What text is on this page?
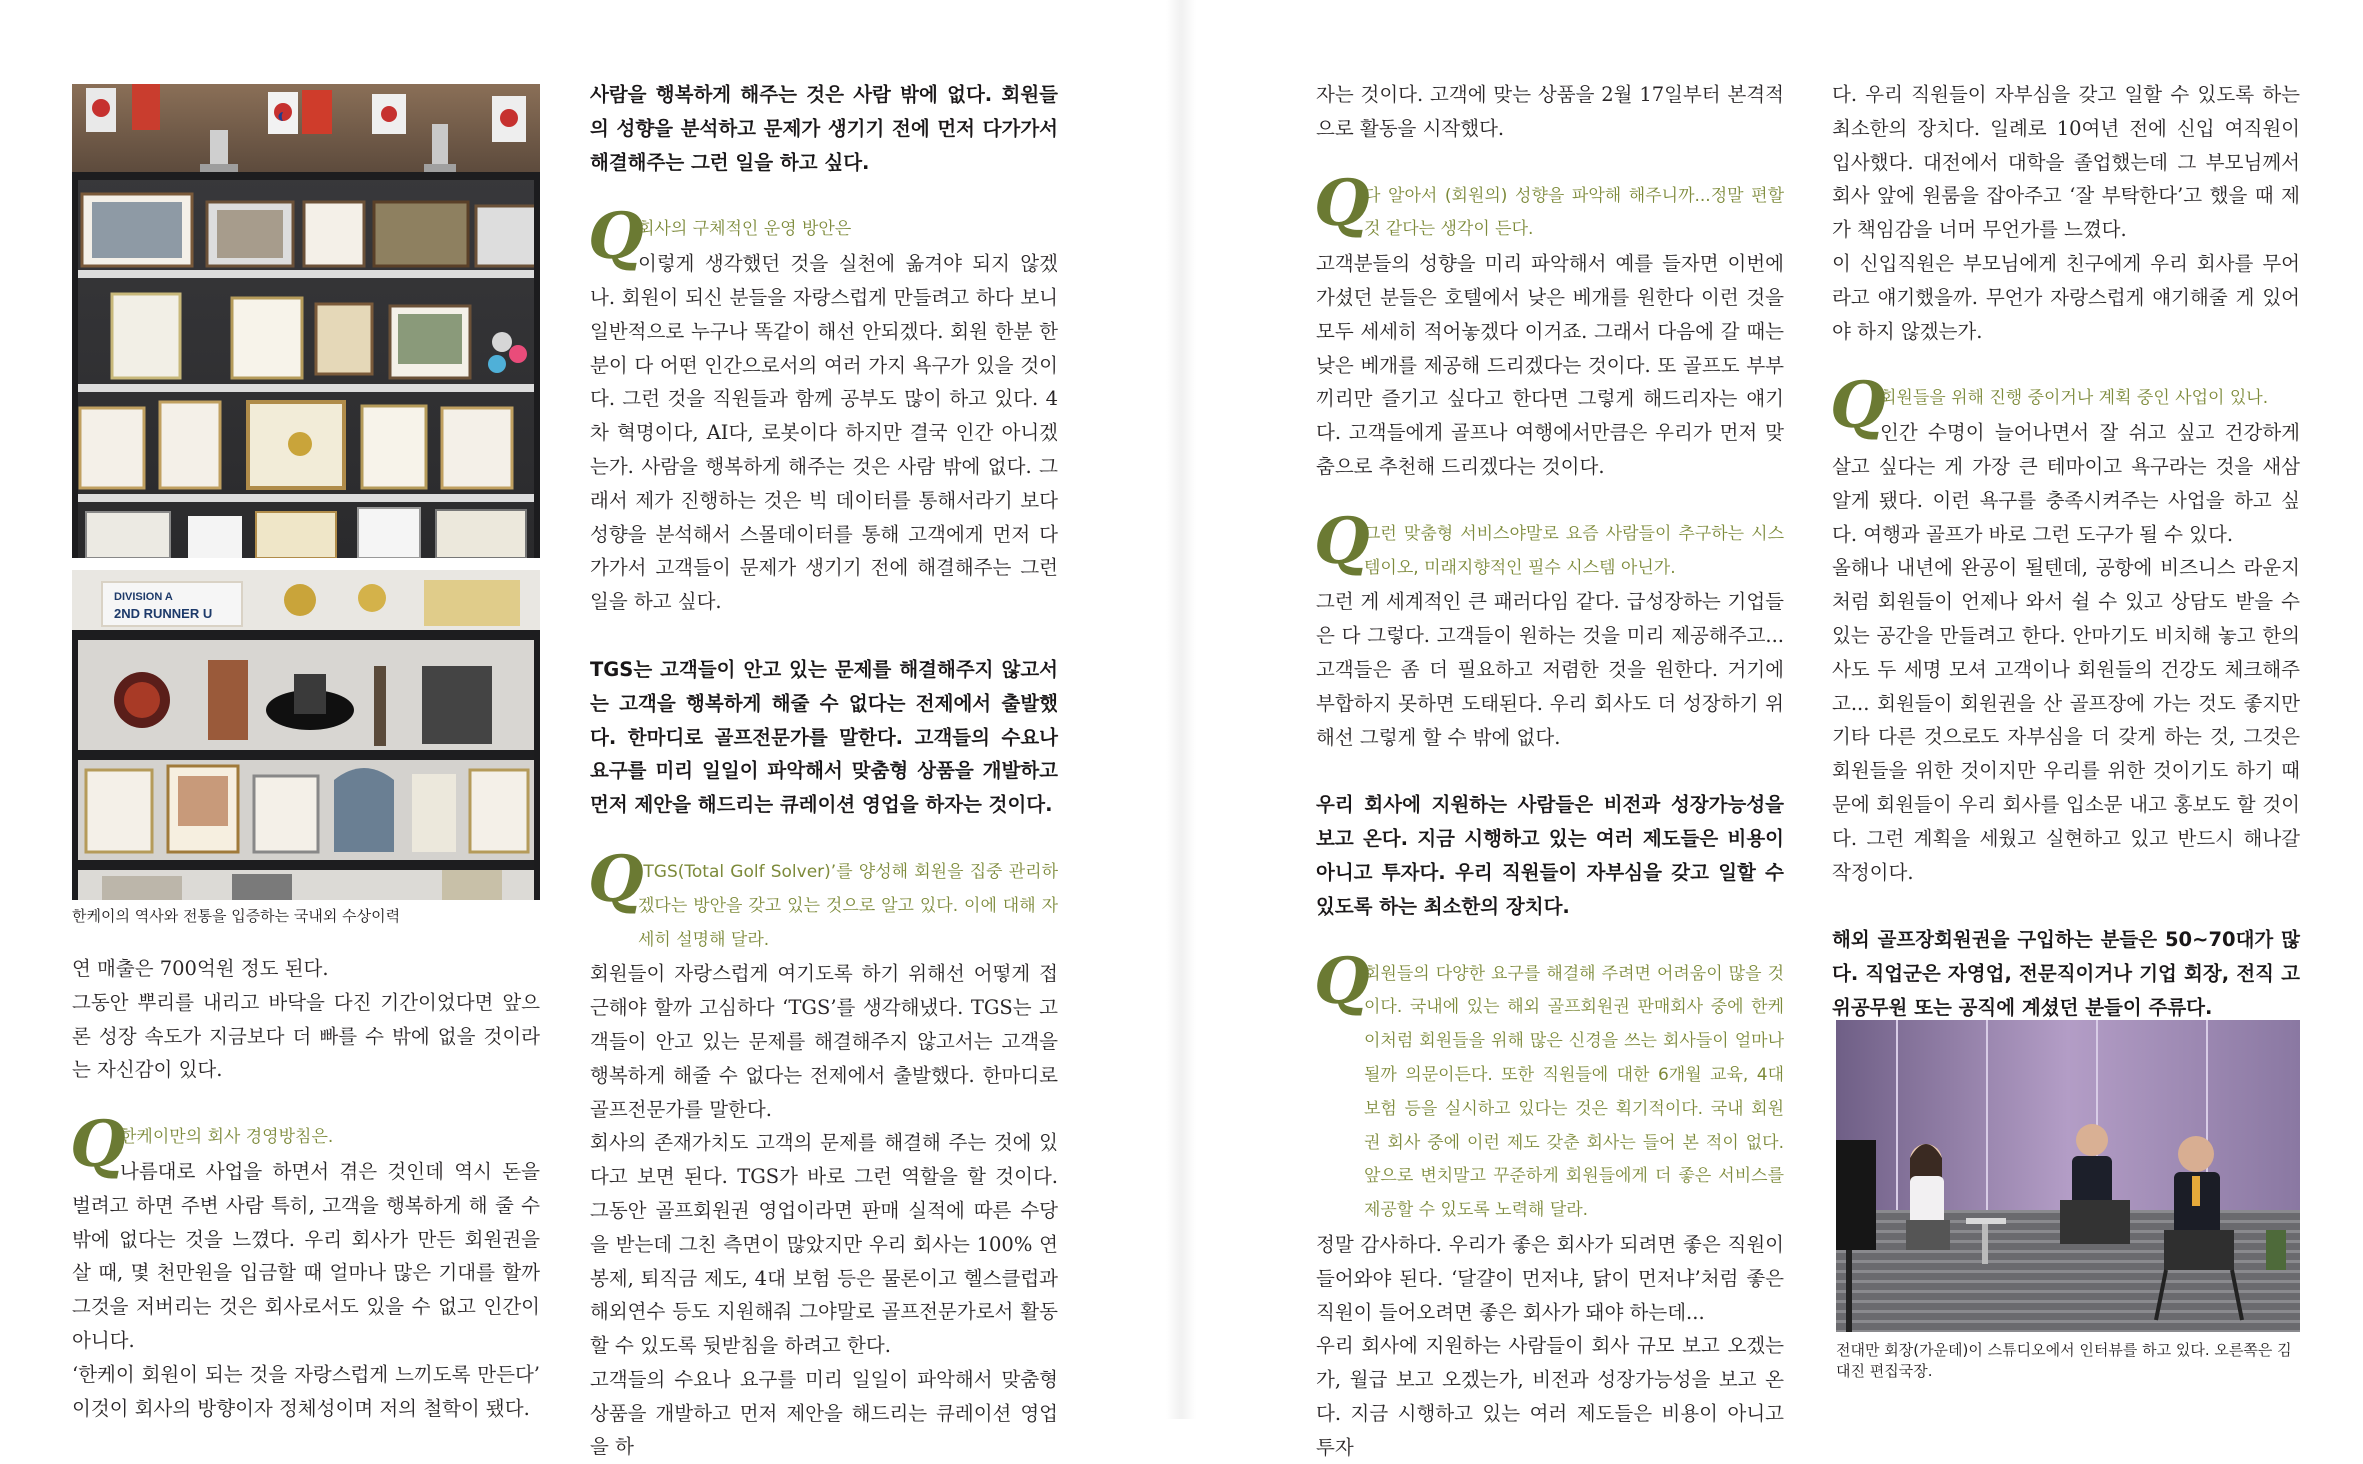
DIVISION A
2ND RUNNER U

한케이의 역사와 전통을 입증하는 국내외 수상이력

연 매출은 700억원 정도 된다.

그동안 뿌리를 내리고 바닥을 다진 기간이었다면 앞으론 성장 속도가 지금보다 더 빠를 수 밖에 없을 것이라는 자신감이 있다.

Q

한케이만의 회사 경영방침은.

나름대로 사업을 하면서 겪은 것인데 역시 돈을 벌려고 하면 주변 사람 특히, 고객을 행복하게 해 줄 수밖에 없다는 것을 느꼈다. 우리 회사가 만든 회원권을 살 때, 몇 천만원을 입금할 때 얼마나 많은 기대를 할까 그것을 저버리는 것은 회사로서도 있을 수 없고 인간이 아니다.

‘한케이 회원이 되는 것을 자랑스럽게 느끼도록 만든다’ 이것이 회사의 방향이자 정체성이며 저의 철학이 됐다.

사람을 행복하게 해주는 것은 사람 밖에 없다. 회원들의 성향을 분석하고 문제가 생기기 전에 먼저 다가가서 해결해주는 그런 일을 하고 싶다.

Q

회사의 구체적인 운영 방안은

이렇게 생각했던 것을 실천에 옮겨야 되지 않겠나. 회원이 되신 분들을 자랑스럽게 만들려고 하다 보니 일반적으로 누구나 똑같이 해선 안되겠다. 회원 한분 한분이 다 어떤 인간으로서의 여러 가지 욕구가 있을 것이다. 그런 것을 직원들과 함께 공부도 많이 하고 있다. 4차 혁명이다, AI다, 로봇이다 하지만 결국 인간 아니겠는가. 사람을 행복하게 해주는 것은 사람 밖에 없다. 그래서 제가 진행하는 것은 빅 데이터를 통해서라기 보다 성향을 분석해서 스몰데이터를 통해 고객에게 먼저 다가가서 고객들이 문제가 생기기 전에 해결해주는 그런 일을 하고 싶다.

TGS는 고객들이 안고 있는 문제를 해결해주지 않고서는 고객을 행복하게 해줄 수 없다는 전제에서 출발했다. 한마디로 골프전문가를 말한다. 고객들의 수요나 요구를 미리 일일이 파악해서 맞춤형 상품을 개발하고 먼저 제안을 해드리는 큐레이션 영업을 하자는 것이다.

Q

‘TGS(Total Golf Solver)’를 양성해 회원을 집중 관리하겠다는 방안을 갖고 있는 것으로 알고 있다. 이에 대해 자세히 설명해 달라.

회원들이 자랑스럽게 여기도록 하기 위해선 어떻게 접근해야 할까 고심하다 ‘TGS’를 생각해냈다. TGS는 고객들이 안고 있는 문제를 해결해주지 않고서는 고객을 행복하게 해줄 수 없다는 전제에서 출발했다. 한마디로 골프전문가를 말한다.

회사의 존재가치도 고객의 문제를 해결해 주는 것에 있다고 보면 된다. TGS가 바로 그런 역할을 할 것이다. 그동안 골프회원권 영업이라면 판매 실적에 따른 수당을 받는데 그친 측면이 많았지만 우리 회사는 100% 연봉제, 퇴직금 제도, 4대 보험 등은 물론이고 헬스클럽과 해외연수 등도 지원해줘 그야말로 골프전문가로서 활동할 수 있도록 뒷받침을 하려고 한다.

고객들의 수요나 요구를 미리 일일이 파악해서 맞춤형 상품을 개발하고 먼저 제안을 해드리는 큐레이션 영업을 하

자는 것이다. 고객에 맞는 상품을 2월 17일부터 본격적으로 활동을 시작했다.

Q

다 알아서 (회원의) 성향을 파악해 해주니까...정말 편할 것 같다는 생각이 든다.

고객분들의 성향을 미리 파악해서 예를 들자면 이번에 가셨던 분들은 호텔에서 낮은 베개를 원한다 이런 것을 모두 세세히 적어놓겠다 이거죠. 그래서 다음에 갈 때는 낮은 베개를 제공해 드리겠다는 것이다. 또 골프도 부부끼리만 즐기고 싶다고 한다면 그렇게 해드리자는 얘기다. 고객들에게 골프나 여행에서만큼은 우리가 먼저 맞춤으로 추천해 드리겠다는 것이다.

Q

그런 맞춤형 서비스야말로 요즘 사람들이 추구하는 시스템이오, 미래지향적인 필수 시스템 아닌가.

그런 게 세계적인 큰 패러다임 같다. 급성장하는 기업들은 다 그렇다. 고객들이 원하는 것을 미리 제공해주고... 고객들은 좀 더 필요하고 저렴한 것을 원한다. 거기에 부합하지 못하면 도태된다. 우리 회사도 더 성장하기 위해선 그렇게 할 수 밖에 없다.

우리 회사에 지원하는 사람들은 비전과 성장가능성을 보고 온다. 지금 시행하고 있는 여러 제도들은 비용이 아니고 투자다. 우리 직원들이 자부심을 갖고 일할 수 있도록 하는 최소한의 장치다.

Q

회원들의 다양한 요구를 해결해 주려면 어려움이 많을 것이다. 국내에 있는 해외 골프회원권 판매회사 중에 한케이처럼 회원들을 위해 많은 신경을 쓰는 회사들이 얼마나 될까 의문이든다. 또한 직원들에 대한 6개월 교육, 4대 보험 등을 실시하고 있다는 것은 획기적이다. 국내 회원권 회사 중에 이런 제도 갖춘 회사는 들어 본 적이 없다. 앞으로 변치말고 꾸준하게 회원들에게 더 좋은 서비스를 제공할 수 있도록 노력해 달라.

정말 감사하다. 우리가 좋은 회사가 되려면 좋은 직원이 들어와야 된다. ‘달걀이 먼저냐, 닭이 먼저냐’처럼 좋은 직원이 들어오려면 좋은 회사가 돼야 하는데...

우리 회사에 지원하는 사람들이 회사 규모 보고 오겠는가, 월급 보고 오겠는가, 비전과 성장가능성을 보고 온다. 지금 시행하고 있는 여러 제도들은 비용이 아니고 투자

다. 우리 직원들이 자부심을 갖고 일할 수 있도록 하는 최소한의 장치다. 일례로 10여년 전에 신입 여직원이 입사했다. 대전에서 대학을 졸업했는데 그 부모님께서 회사 앞에 원룸을 잡아주고 ‘잘 부탁한다’고 했을 때 제가 책임감을 너머 무언가를 느꼈다.

이 신입직원은 부모님에게 친구에게 우리 회사를 무어라고 얘기했을까. 무언가 자랑스럽게 얘기해줄 게 있어야 하지 않겠는가.

Q

회원들을 위해 진행 중이거나 계획 중인 사업이 있나.

인간 수명이 늘어나면서 잘 쉬고 싶고 건강하게 살고 싶다는 게 가장 큰 테마이고 욕구라는 것을 새삼 알게 됐다. 이런 욕구를 충족시켜주는 사업을 하고 싶다. 여행과 골프가 바로 그런 도구가 될 수 있다.

올해나 내년에 완공이 될텐데, 공항에 비즈니스 라운지처럼 회원들이 언제나 와서 쉴 수 있고 상담도 받을 수 있는 공간을 만들려고 한다. 안마기도 비치해 놓고 한의사도 두 세명 모셔 고객이나 회원들의 건강도 체크해주고... 회원들이 회원권을 산 골프장에 가는 것도 좋지만 기타 다른 것으로도 자부심을 더 갖게 하는 것, 그것은 회원들을 위한 것이지만 우리를 위한 것이기도 하기 때문에 회원들이 우리 회사를 입소문 내고 홍보도 할 것이다. 그런 계획을 세웠고 실현하고 있고 반드시 해나갈 작정이다.

해외 골프장회원권을 구입하는 분들은 50~70대가 많다. 직업군은 자영업, 전문직이거나 기업 회장, 전직 고위공무원 또는 공직에 계셨던 분들이 주류다.

전대만 회장(가운데)이 스튜디오에서 인터뷰를 하고 있다. 오른쪽은 김대진 편집국장.
